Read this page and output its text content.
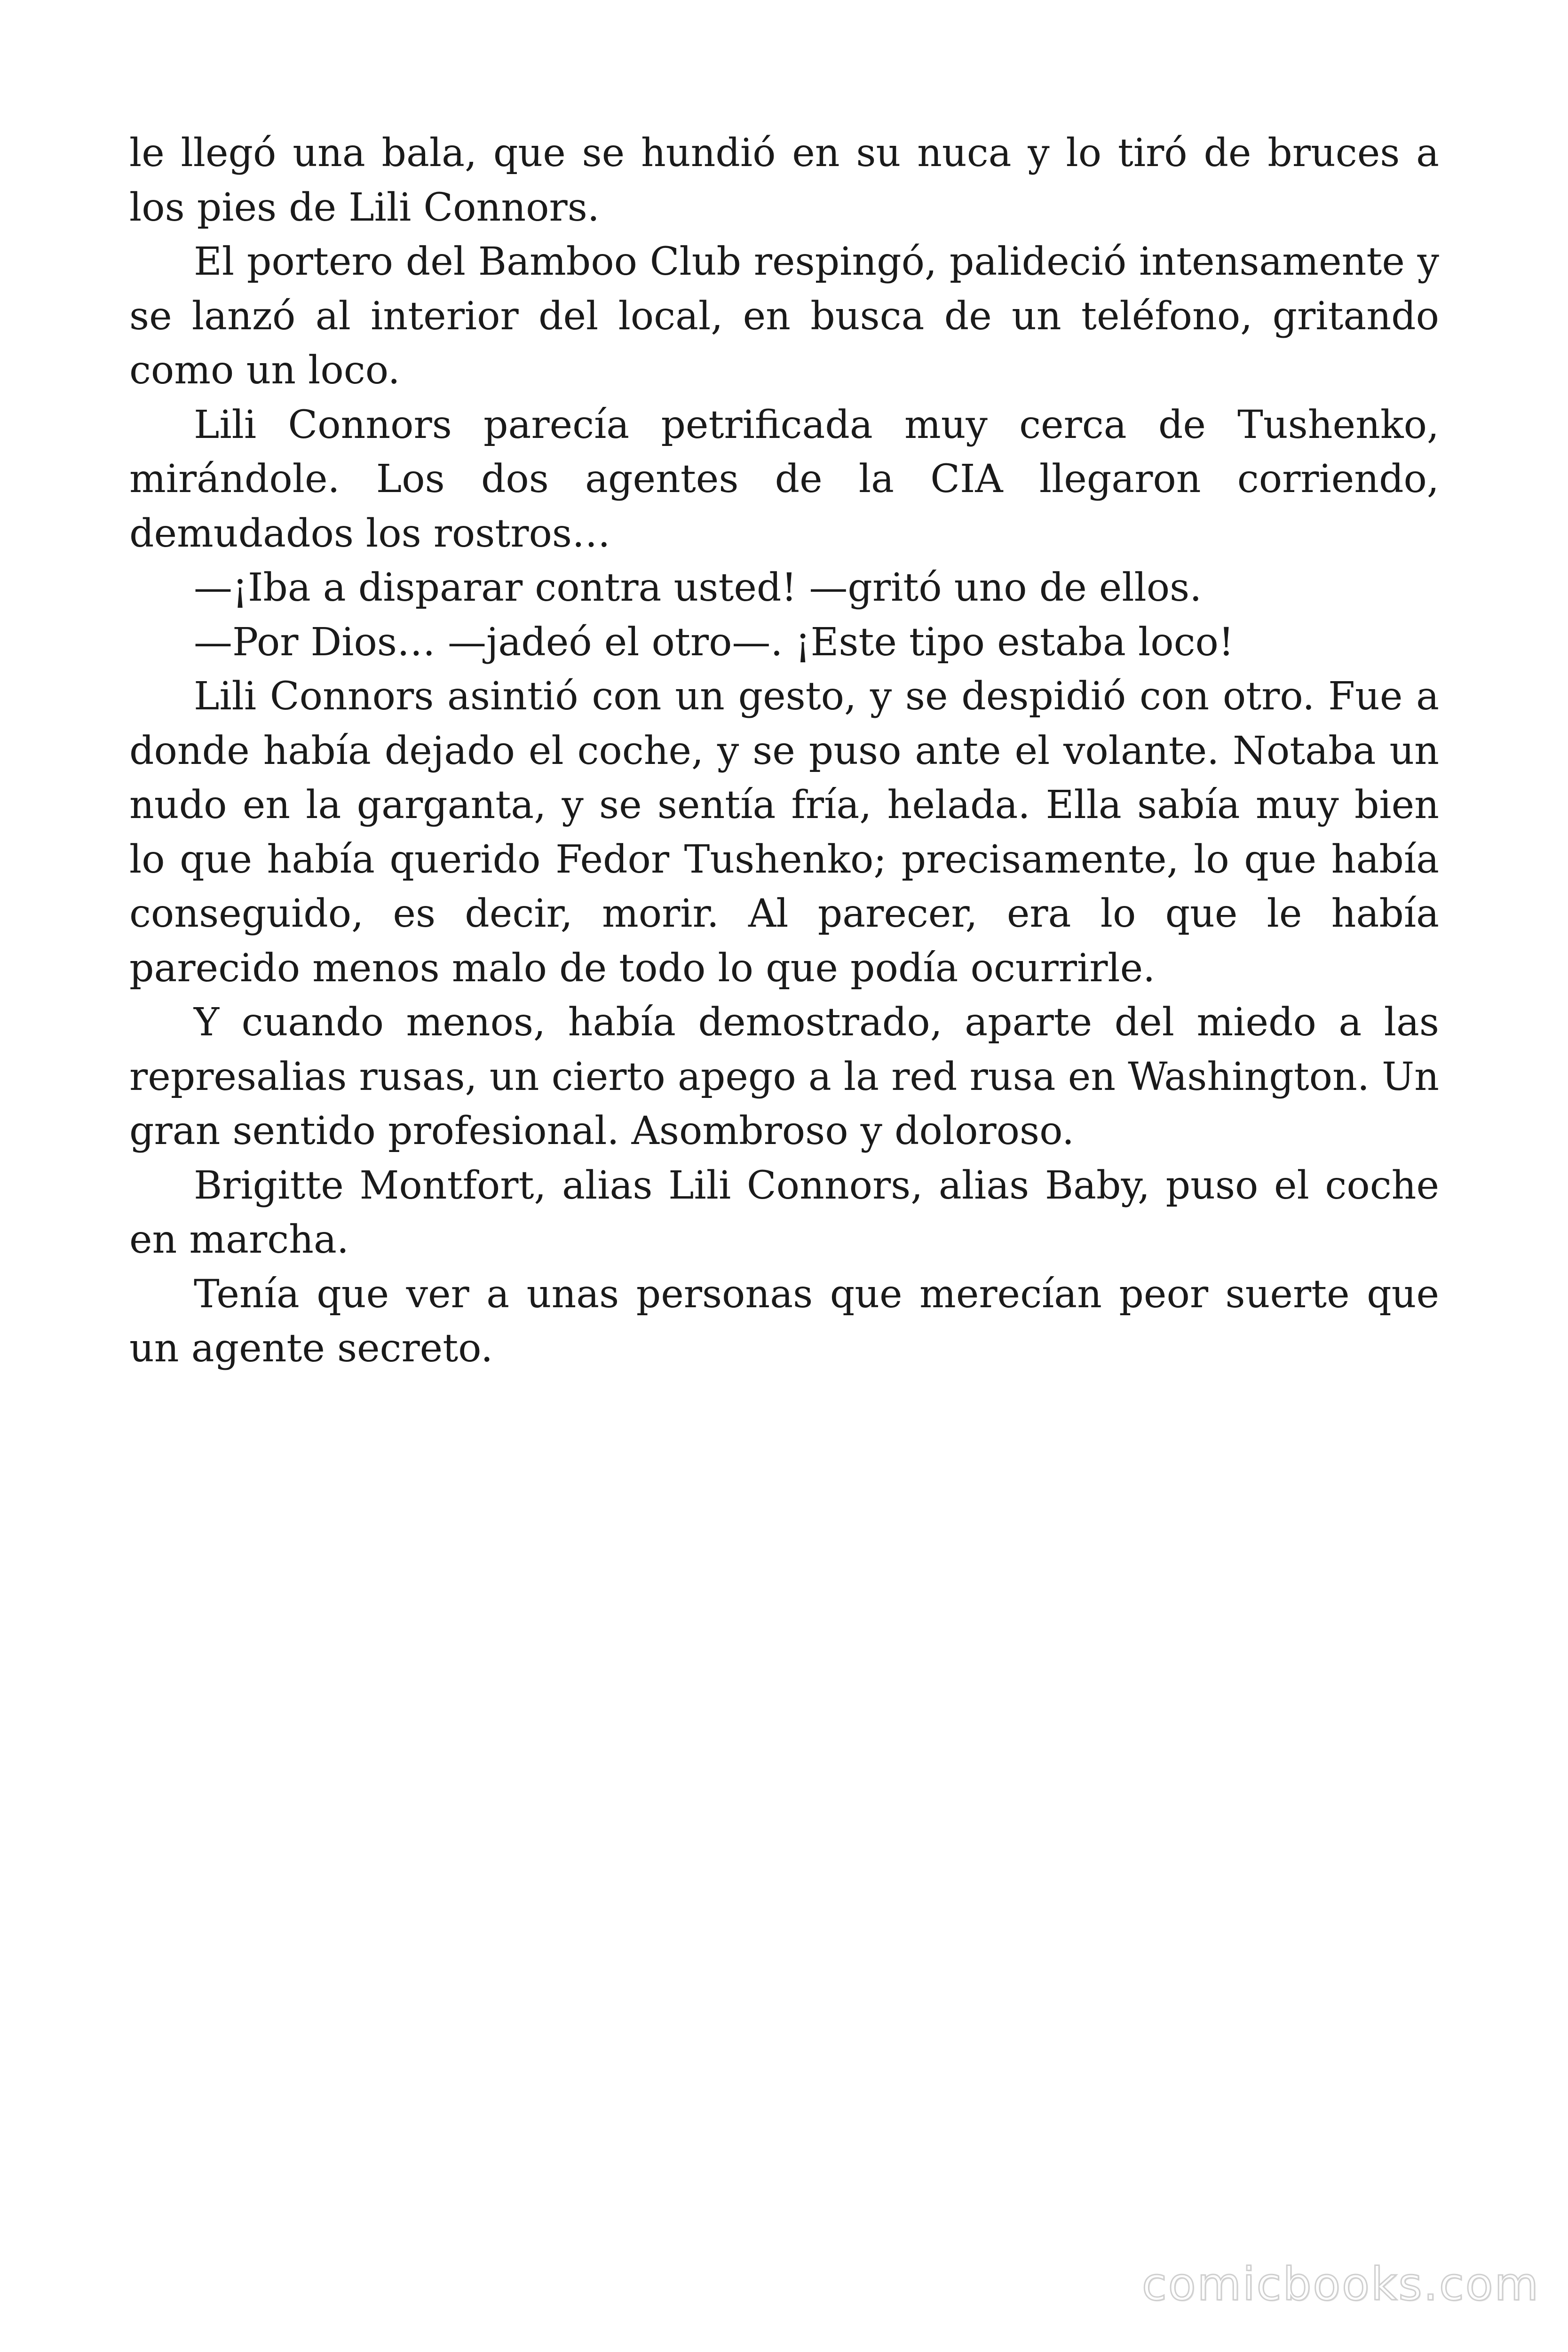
le llegó una bala, que se hundió en su nuca y lo tiró de bruces a los pies de Lili Connors.

El portero del Bamboo Club respingó, palideció intensamente y se lanzó al interior del local, en busca de un teléfono, gritando como un loco.

Lili Connors parecía petrificada muy cerca de Tushenko, mirándole. Los dos agentes de la CIA llegaron corriendo, demudados los rostros…

—¡Iba a disparar contra usted! —gritó uno de ellos.

—Por Dios… —jadeó el otro—. ¡Este tipo estaba loco!

Lili Connors asintió con un gesto, y se despidió con otro. Fue a donde había dejado el coche, y se puso ante el volante. Notaba un nudo en la garganta, y se sentía fría, helada. Ella sabía muy bien lo que había querido Fedor Tushenko; precisamente, lo que había conseguido, es decir, morir. Al parecer, era lo que le había parecido menos malo de todo lo que podía ocurrirle.

Y cuando menos, había demostrado, aparte del miedo a las represalias rusas, un cierto apego a la red rusa en Washington. Un gran sentido profesional. Asombroso y doloroso.

Brigitte Montfort, alias Lili Connors, alias Baby, puso el coche en marcha.

Tenía que ver a unas personas que merecían peor suerte que un agente secreto.

comicbooks.com
